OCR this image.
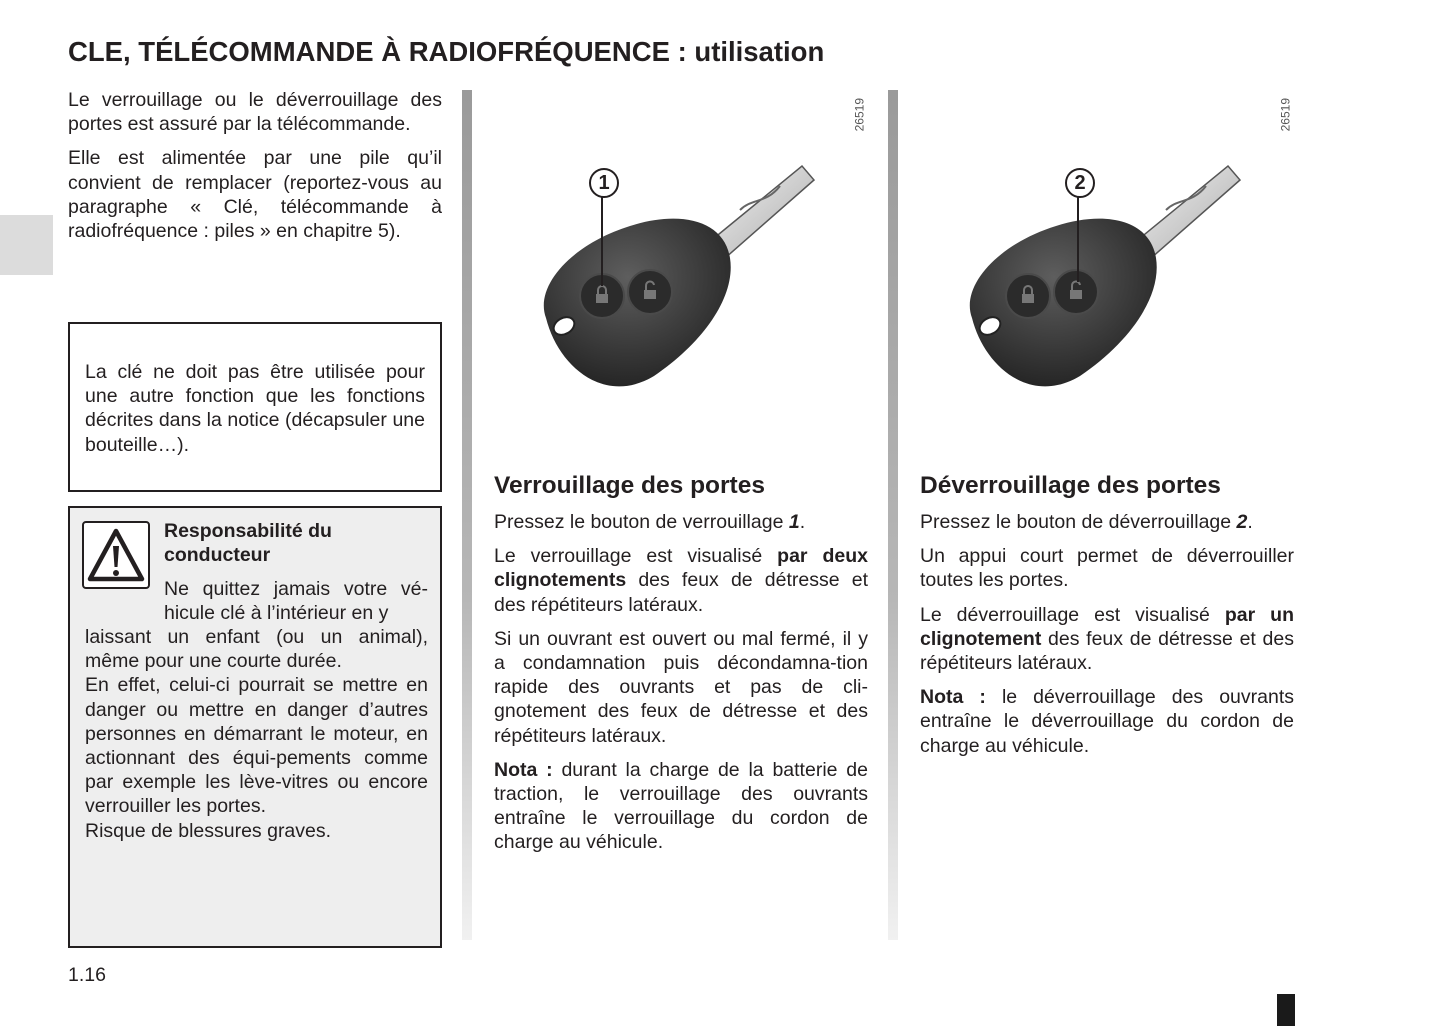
CLE, TÉLÉCOMMANDE À RADIOFRÉQUENCE : utilisation

Le verrouillage ou le déverrouillage des portes est assuré par la télécommande.

Elle est alimentée par une pile qu’il convient de remplacer (reportez-vous au paragraphe « Clé, télécommande à radiofréquence : piles » en chapitre 5).

La clé ne doit pas être utilisée pour une autre fonction que les fonctions décrites dans la notice (décapsuler une bouteille…).

Responsabilité du conducteur
Ne quittez jamais votre vé-hicule clé à l’intérieur en y
laissant un enfant (ou un animal), même pour une courte durée.
En effet, celui-ci pourrait se mettre en danger ou mettre en danger d’autres personnes en démarrant le moteur, en actionnant des équi-pements comme par exemple les lève-vitres ou encore verrouiller les portes.
Risque de blessures graves.
26519
1
26519
2
Verrouillage des portes

Pressez le bouton de verrouillage 1.

Le verrouillage est visualisé par deux clignotements des feux de détresse et des répétiteurs latéraux.

Si un ouvrant est ouvert ou mal fermé, il y a condamnation puis décondamna-tion rapide des ouvrants et pas de cli-gnotement des feux de détresse et des répétiteurs latéraux.

Nota : durant la charge de la batterie de traction, le verrouillage des ouvrants entraîne le verrouillage du cordon de charge au véhicule.

Déverrouillage des portes

Pressez le bouton de déverrouillage 2.

Un appui court permet de déverrouiller toutes les portes.

Le déverrouillage est visualisé par un clignotement des feux de détresse et des répétiteurs latéraux.

Nota : le déverrouillage des ouvrants entraîne le déverrouillage du cordon de charge au véhicule.

1.16
